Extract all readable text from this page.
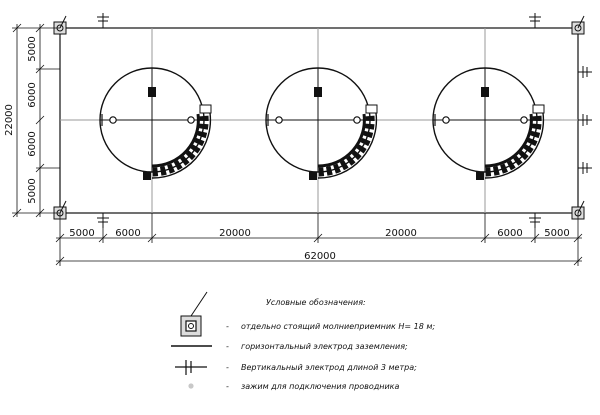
22000
5000
6000
6000
5000
5000 6000	20000	20000	6000 5000
62000
Условные обозначения:
- отдельно стоящий молниеприемник Н= 18 м;
- горизонтальный электрод заземления;
- Вертикальный электрод длиной 3 метра;
- зажим для подключения проводника
